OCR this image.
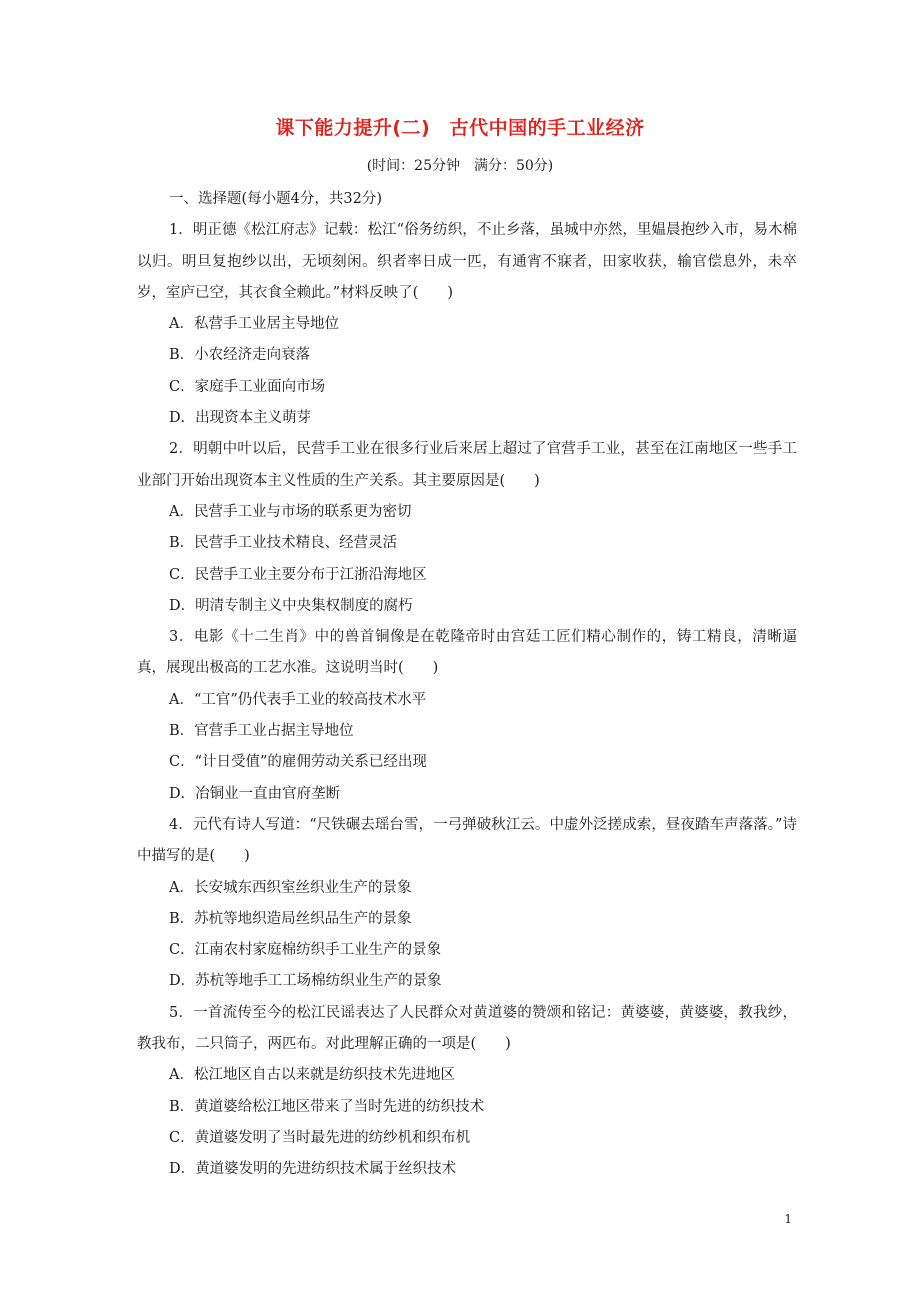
课下能力提升(二)　古代中国的手工业经济
(时间：25分钟　满分：50分)

一、选择题(每小题4分，共32分)

1．明正德《松江府志》记载：松江“俗务纺织，不止乡落，虽城中亦然，里媪晨抱纱入市，易木棉以归。明旦复抱纱以出，无顷刻闲。织者率日成一匹，有通宵不寐者，田家收获，输官偿息外，未卒岁，室庐已空，其衣食全赖此。”材料反映了(　　)

A．私营手工业居主导地位

B．小农经济走向衰落

C．家庭手工业面向市场

D．出现资本主义萌芽

2．明朝中叶以后，民营手工业在很多行业后来居上超过了官营手工业，甚至在江南地区一些手工业部门开始出现资本主义性质的生产关系。其主要原因是(　　)

A．民营手工业与市场的联系更为密切

B．民营手工业技术精良、经营灵活

C．民营手工业主要分布于江浙沿海地区

D．明清专制主义中央集权制度的腐朽

3．电影《十二生肖》中的兽首铜像是在乾隆帝时由宫廷工匠们精心制作的，铸工精良，清晰逼真，展现出极高的工艺水准。这说明当时(　　)

A．“工官”仍代表手工业的较高技术水平

B．官营手工业占据主导地位

C．“计日受值”的雇佣劳动关系已经出现

D．冶铜业一直由官府垄断

4．元代有诗人写道：“尺铁碾去瑶台雪，一弓弹破秋江云。中虚外泛搓成索，昼夜踏车声落落。”诗中描写的是(　　)

A．长安城东西织室丝织业生产的景象

B．苏杭等地织造局丝织品生产的景象

C．江南农村家庭棉纺织手工业生产的景象

D．苏杭等地手工工场棉纺织业生产的景象

5．一首流传至今的松江民谣表达了人民群众对黄道婆的赞颂和铭记：黄婆婆，黄婆婆，教我纱，教我布，二只筒子，两匹布。对此理解正确的一项是(　　)

A．松江地区自古以来就是纺织技术先进地区

B．黄道婆给松江地区带来了当时先进的纺织技术

C．黄道婆发明了当时最先进的纺纱机和织布机

D．黄道婆发明的先进纺织技术属于丝织技术

1
